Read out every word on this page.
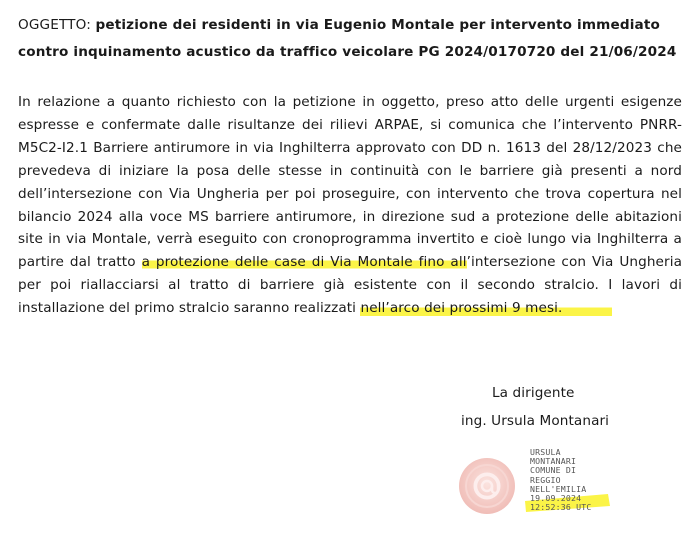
OGGETTO: petizione dei residenti in via Eugenio Montale per intervento immediato contro inquinamento acustico da traffico veicolare PG 2024/0170720 del 21/06/2024
In relazione a quanto richiesto con la petizione in oggetto, preso atto delle urgenti esigenze espresse e confermate dalle risultanze dei rilievi ARPAE, si comunica che l’intervento PNRR-M5C2-I2.1 Barriere antirumore in via Inghilterra approvato con DD n. 1613 del 28/12/2023 che prevedeva di iniziare la posa delle stesse in continuità con le barriere già presenti a nord dell’intersezione con Via Ungheria per poi proseguire, con intervento che trova copertura nel bilancio 2024 alla voce MS barriere antirumore, in direzione sud a protezione delle abitazioni site in via Montale, verrà eseguito con cronoprogramma invertito e cioè lungo via Inghilterra a partire dal tratto a protezione delle case di Via Montale fino all’intersezione con Via Ungheria per poi riallacciarsi al tratto di barriere già esistente con il secondo stralcio. I lavori di installazione del primo stralcio saranno realizzati nell’arco dei prossimi 9 mesi.
La dirigente
ing. Ursula Montanari
URSULA
MONTANARI
COMUNE DI
REGGIO
NELL'EMILIA
19.09.2024
12:52:36 UTC
